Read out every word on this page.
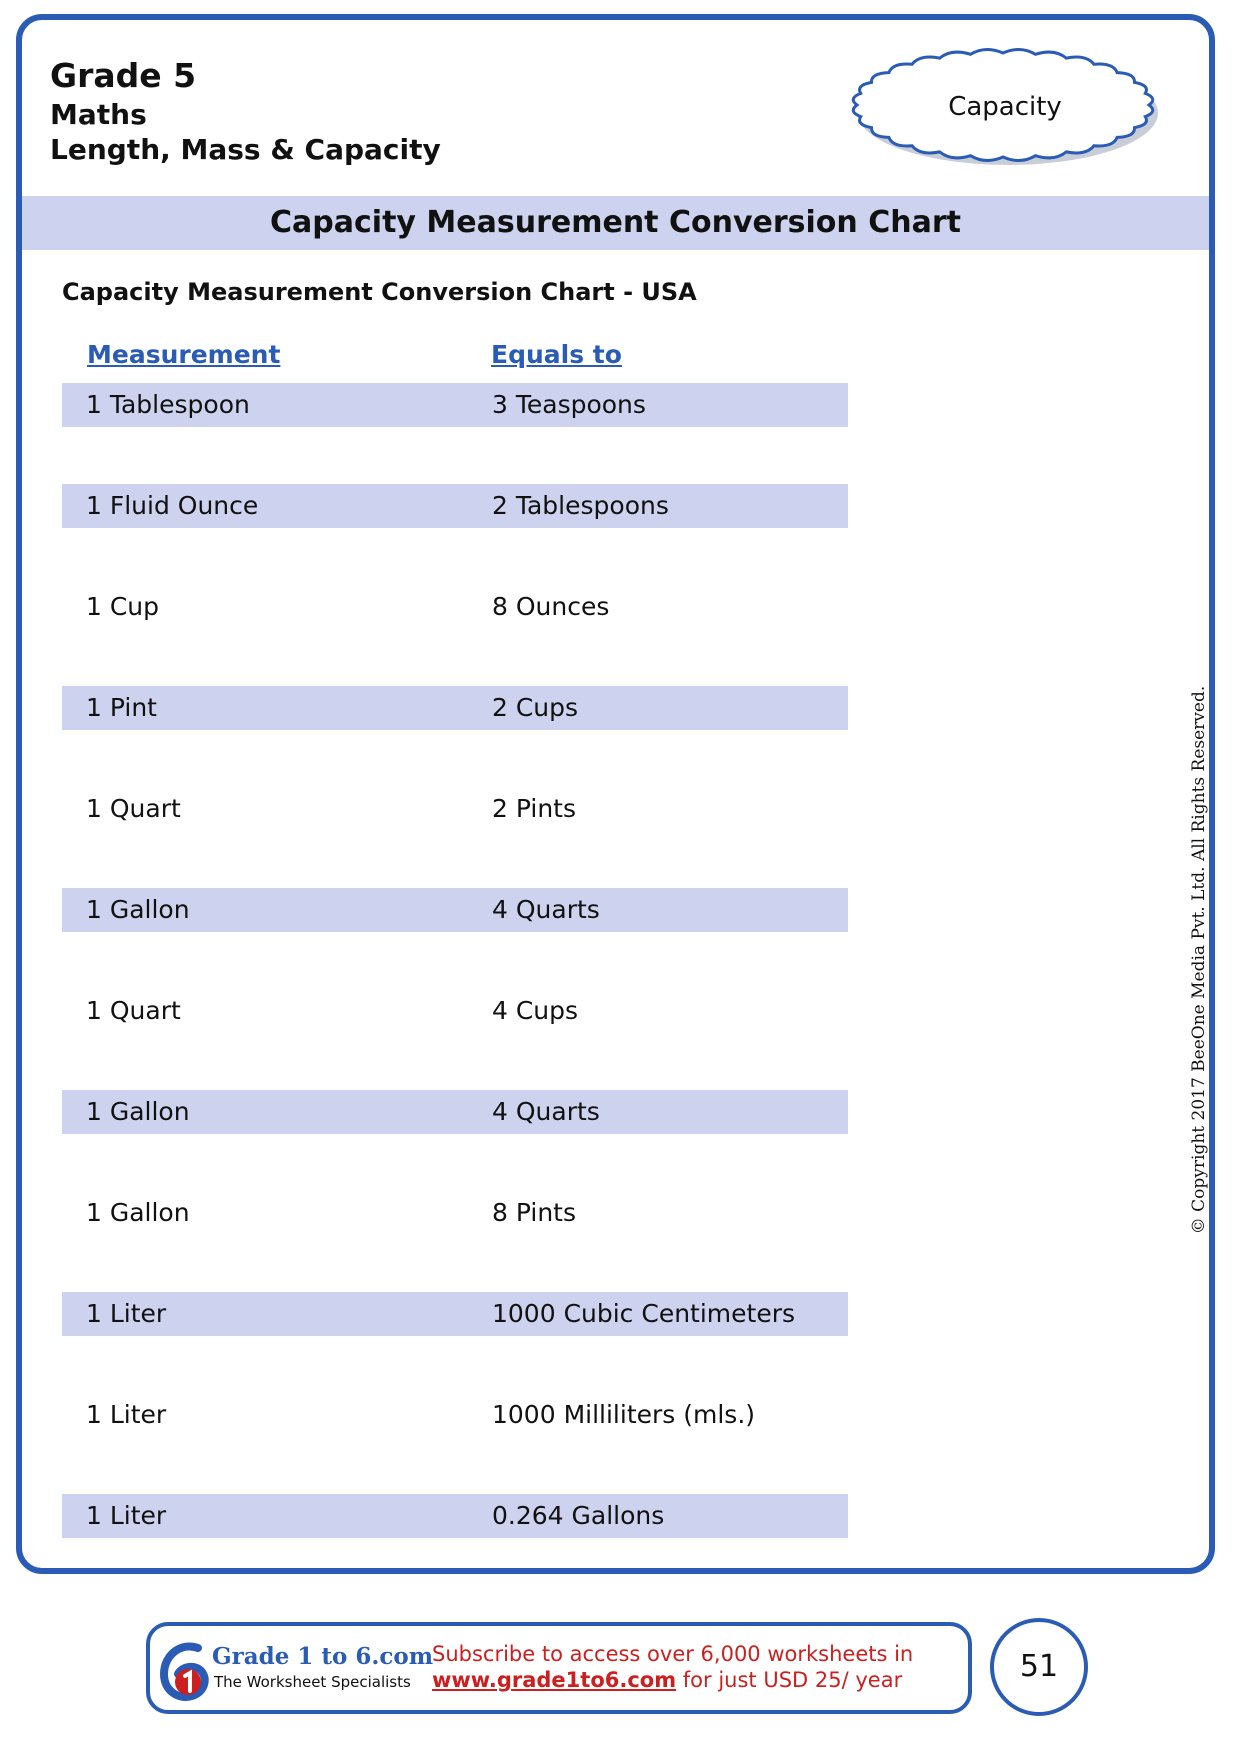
Grade 5
Maths
Length, Mass & Capacity
Capacity
Capacity Measurement Conversion Chart
Capacity Measurement Conversion Chart - USA
Measurement	Equals to
1 Tablespoon	3 Teaspoons
1 Fluid Ounce	2 Tablespoons
1 Cup	8 Ounces
1 Pint	2 Cups
1 Quart	2 Pints
1 Gallon	4 Quarts
1 Quart	4 Cups
1 Gallon	4 Quarts
1 Gallon	8 Pints
1 Liter	1000 Cubic Centimeters
1 Liter	1000 Milliliters (mls.)
1 Liter	0.264 Gallons
© Copyright 2017 BeeOne Media Pvt. Ltd. All Rights Reserved.
Grade 1 to 6.com
The Worksheet Specialists
Subscribe to access over 6,000 worksheets in
www.grade1to6.com for just USD 25/ year	51
